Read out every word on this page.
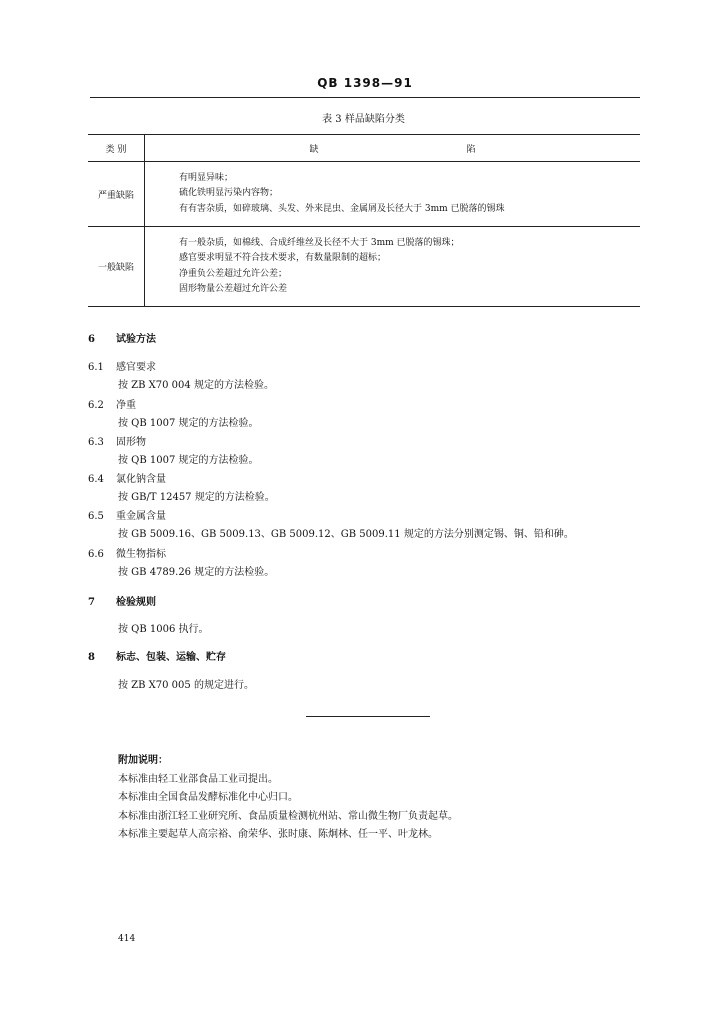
QB 1398—91
表 3 样品缺陷分类
类 别	缺 陷
严重缺陷	有明显异味；
硫化铁明显污染内容物；
有有害杂质，如碎玻璃、头发、外来昆虫、金属屑及长径大于 3mm 已脱落的锡珠

一般缺陷	有一般杂质，如棉线、合成纤维丝及长径不大于 3mm 已脱落的锡珠；
感官要求明显不符合技术要求，有数量限制的超标；
净重负公差超过允许公差；
固形物量公差超过允许公差
6 试验方法
6.1 感官要求
按 ZB X70 004 规定的方法检验。
6.2 净重
按 QB 1007 规定的方法检验。
6.3 固形物
按 QB 1007 规定的方法检验。
6.4 氯化钠含量
按 GB/T 12457 规定的方法检验。
6.5 重金属含量
按 GB 5009.16、GB 5009.13、GB 5009.12、GB 5009.11 规定的方法分别测定锡、铜、铅和砷。
6.6 微生物指标
按 GB 4789.26 规定的方法检验。
7 检验规则
按 QB 1006 执行。
8 标志、包装、运输、贮存
按 ZB X70 005 的规定进行。
附加说明：
本标准由轻工业部食品工业司提出。
本标准由全国食品发酵标准化中心归口。
本标准由浙江轻工业研究所、食品质量检测杭州站、常山微生物厂负责起草。
本标准主要起草人高宗裕、俞荣华、张时康、陈炯林、任一平、叶龙林。
414
